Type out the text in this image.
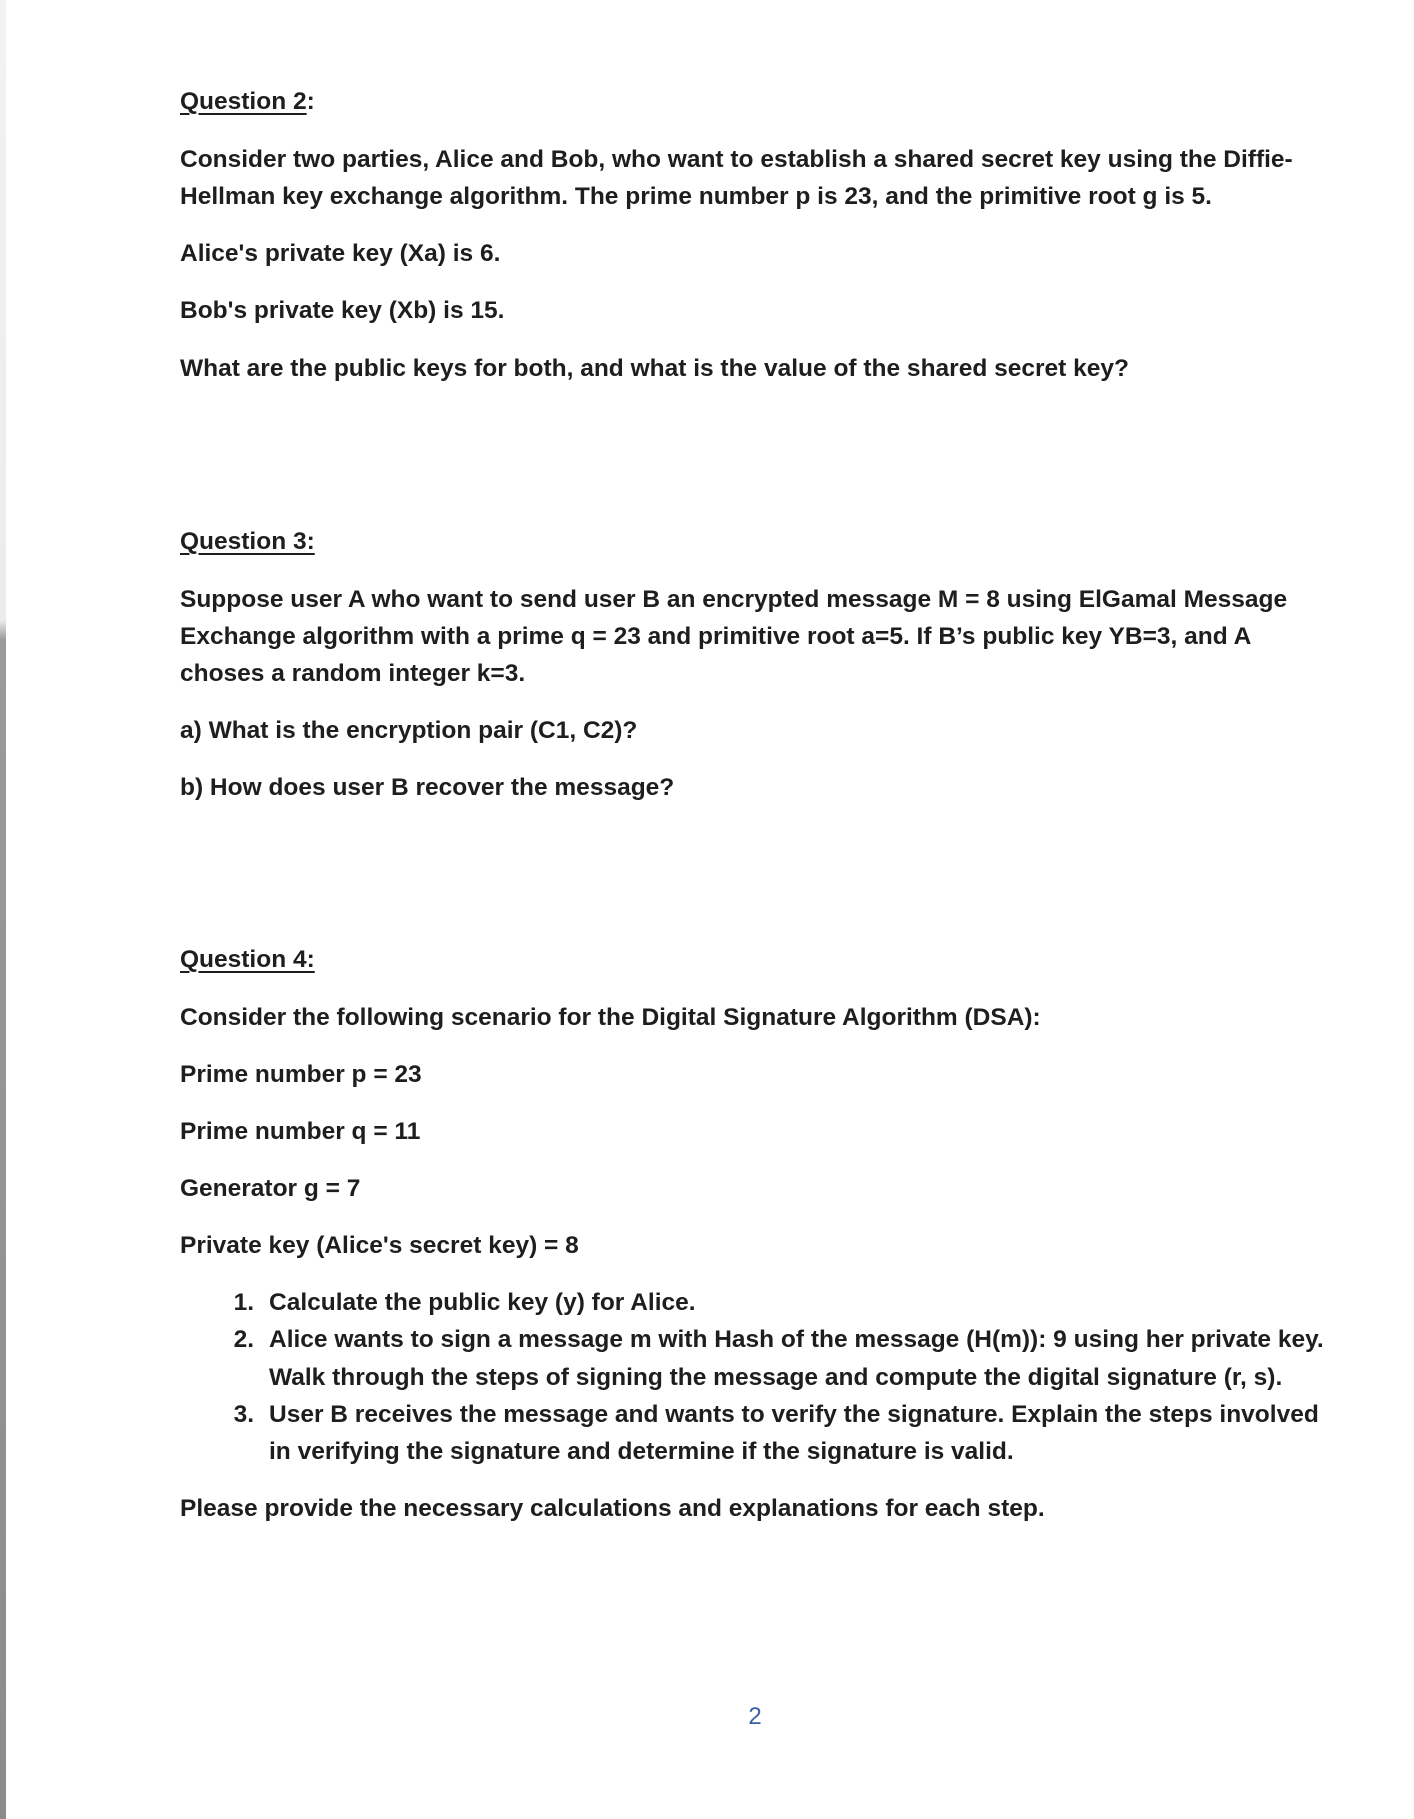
Question 2:
Consider two parties, Alice and Bob, who want to establish a shared secret key using the Diffie-
Hellman key exchange algorithm. The prime number p is 23, and the primitive root g is 5.
Alice's private key (Xa) is 6.
Bob's private key (Xb) is 15.
What are the public keys for both, and what is the value of the shared secret key?
Question 3:
Suppose user A who want to send user B an encrypted message M = 8 using ElGamal Message
Exchange algorithm with a prime q = 23 and primitive root a=5. If B’s public key YB=3, and A
choses a random integer k=3.
a) What is the encryption pair (C1, C2)?
b) How does user B recover the message?
Question 4:
Consider the following scenario for the Digital Signature Algorithm (DSA):
Prime number p = 23
Prime number q = 11
Generator g = 7
Private key (Alice's secret key) = 8
1. Calculate the public key (y) for Alice.
2. Alice wants to sign a message m with Hash of the message (H(m)): 9 using her private key.
Walk through the steps of signing the message and compute the digital signature (r, s).
3. User B receives the message and wants to verify the signature. Explain the steps involved
in verifying the signature and determine if the signature is valid.
Please provide the necessary calculations and explanations for each step.
2
